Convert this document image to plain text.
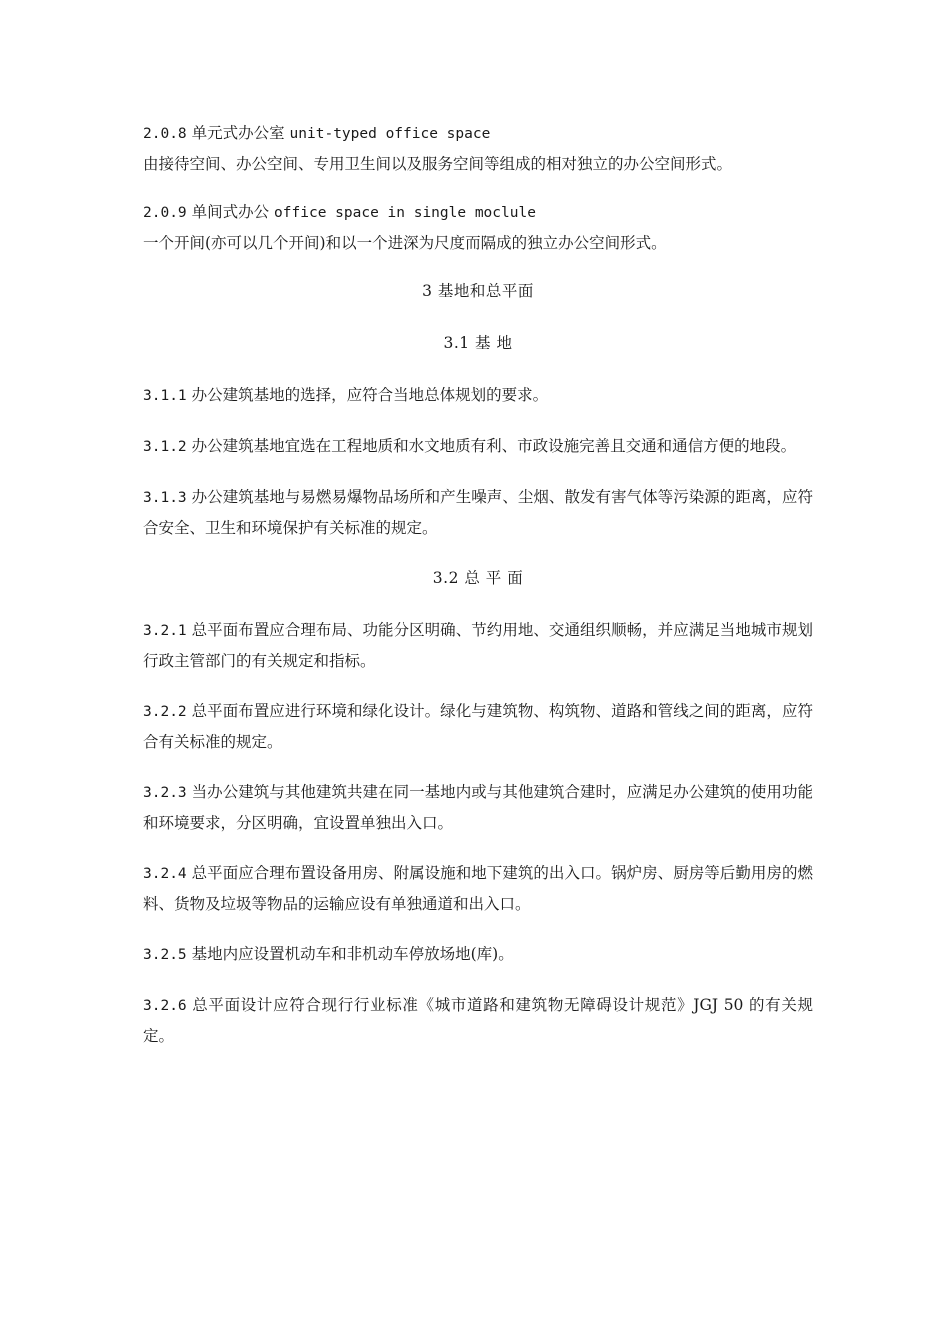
2.0.8 单元式办公室 unit-typed office space
由接待空间、办公空间、专用卫生间以及服务空间等组成的相对独立的办公空间形式。
2.0.9 单间式办公 office space in single moclule
一个开间(亦可以几个开间)和以一个进深为尺度而隔成的独立办公空间形式。
3 基地和总平面
3.1 基 地

3.1.1 办公建筑基地的选择，应符合当地总体规划的要求。

3.1.2 办公建筑基地宜选在工程地质和水文地质有利、市政设施完善且交通和通信方便的地段。

3.1.3 办公建筑基地与易燃易爆物品场所和产生噪声、尘烟、散发有害气体等污染源的距离，应符合安全、卫生和环境保护有关标准的规定。

3.2 总 平 面

3.2.1 总平面布置应合理布局、功能分区明确、节约用地、交通组织顺畅，并应满足当地城市规划行政主管部门的有关规定和指标。

3.2.2 总平面布置应进行环境和绿化设计。绿化与建筑物、构筑物、道路和管线之间的距离，应符合有关标准的规定。

3.2.3 当办公建筑与其他建筑共建在同一基地内或与其他建筑合建时，应满足办公建筑的使用功能和环境要求，分区明确，宜设置单独出入口。

3.2.4 总平面应合理布置设备用房、附属设施和地下建筑的出入口。锅炉房、厨房等后勤用房的燃料、货物及垃圾等物品的运输应设有单独通道和出入口。

3.2.5 基地内应设置机动车和非机动车停放场地(库)。

3.2.6 总平面设计应符合现行行业标准《城市道路和建筑物无障碍设计规范》JGJ 50 的有关规定。
